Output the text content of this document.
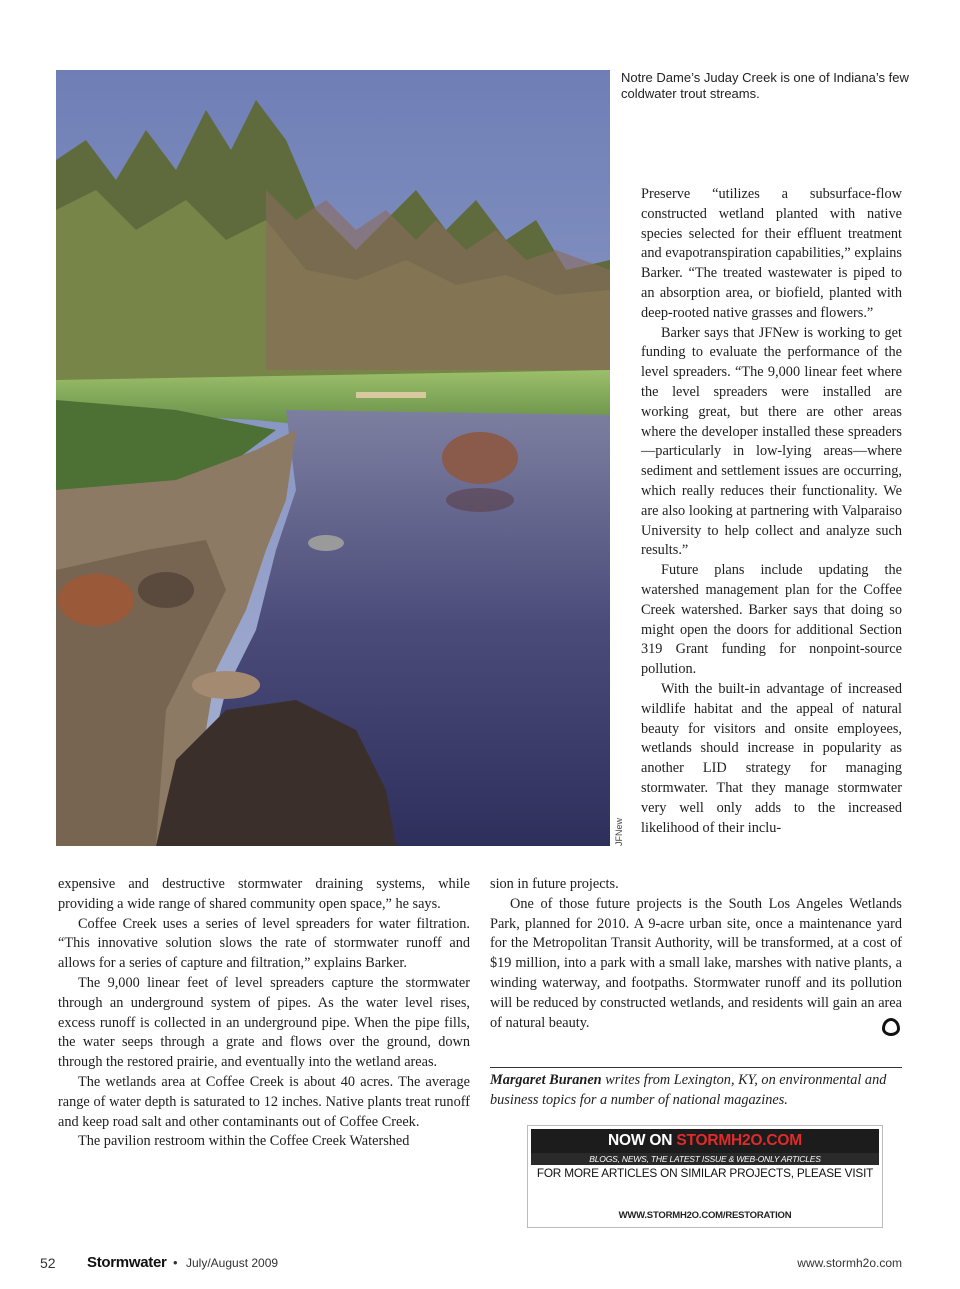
JFNew
Notre Dame’s Juday Creek is one of Indiana’s few coldwater trout streams.

Preserve “utilizes a subsurface-flow constructed wetland planted with native species selected for their effluent treatment and evapotranspiration capabilities,” explains Barker. “The treated wastewater is piped to an absorption area, or biofield, planted with deep-rooted native grasses and flowers.”

Barker says that JFNew is working to get funding to evaluate the performance of the level spreaders. “The 9,000 linear feet where the level spreaders were installed are working great, but there are other areas where the developer installed these spreaders—particularly in low-lying areas—where sediment and settlement issues are occurring, which really reduces their functionality. We are also looking at partnering with Valparaiso University to help collect and analyze such results.”

Future plans include updating the watershed management plan for the Coffee Creek watershed. Barker says that doing so might open the doors for additional Section 319 Grant funding for nonpoint-source pollution.

With the built-in advantage of increased wildlife habitat and the appeal of natural beauty for visitors and onsite employees, wetlands should increase in popularity as another LID strategy for managing stormwater. That they manage stormwater very well only adds to the increased likelihood of their inclu-

expensive and destructive stormwater draining systems, while providing a wide range of shared community open space,” he says.

Coffee Creek uses a series of level spreaders for water filtration. “This innovative solution slows the rate of stormwater runoff and allows for a series of capture and filtration,” explains Barker.

The 9,000 linear feet of level spreaders capture the stormwater through an underground system of pipes. As the water level rises, excess runoff is collected in an underground pipe. When the pipe fills, the water seeps through a grate and flows over the ground, down through the restored prairie, and eventually into the wetland areas.

The wetlands area at Coffee Creek is about 40 acres. The average range of water depth is saturated to 12 inches. Native plants treat runoff and keep road salt and other contaminants out of Coffee Creek.

The pavilion restroom within the Coffee Creek Watershed

sion in future projects.

One of those future projects is the South Los Angeles Wetlands Park, planned for 2010. A 9-acre urban site, once a maintenance yard for the Metropolitan Transit Authority, will be transformed, at a cost of $19 million, into a park with a small lake, marshes with native plants, a winding waterway, and footpaths. Stormwater runoff and its pollution will be reduced by constructed wetlands, and residents will gain an area of natural beauty.

Margaret Buranen writes from Lexington, KY, on environmental and business topics for a number of national magazines.
NOW ON STORMH2O.COM
BLOGS, NEWS, THE LATEST ISSUE & WEB-ONLY ARTICLES
FOR MORE ARTICLES ON SIMILAR PROJECTS, PLEASE VISIT
WWW.STORMH2O.COM/RESTORATION
52 Stormwater • July/August 2009	www.stormh2o.com
